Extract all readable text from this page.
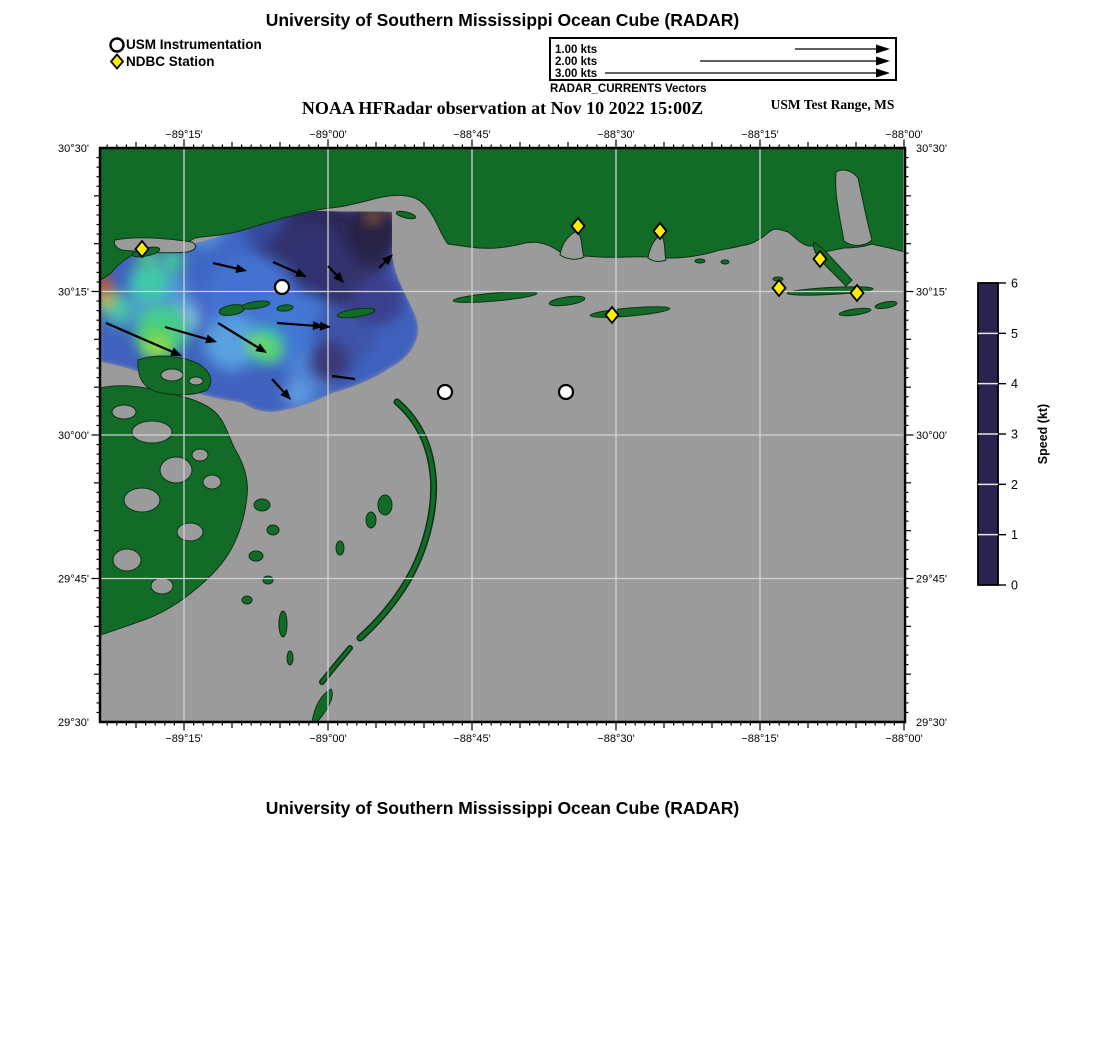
−89°15'
−89°15'
−89°00'
−89°00'
−88°45'
−88°45'
−88°30'
−88°30'
−88°15'
−88°15'
−88°00'
−88°00'
30°30'	30°30'
30°15'	30°15'
30°00'	30°00'
29°45'	29°45'
29°30'	29°30'
0
1
2
3
4
5
6
Speed (kt)
University of Southern Mississippi Ocean Cube (RADAR)
USM Instrumentation
NDBC Station
1.00 kts
2.00 kts
3.00 kts
RADAR_CURRENTS Vectors
NOAA HFRadar observation at Nov 10 2022 15:00Z	USM Test Range, MS
University of Southern Mississippi Ocean Cube (RADAR)
